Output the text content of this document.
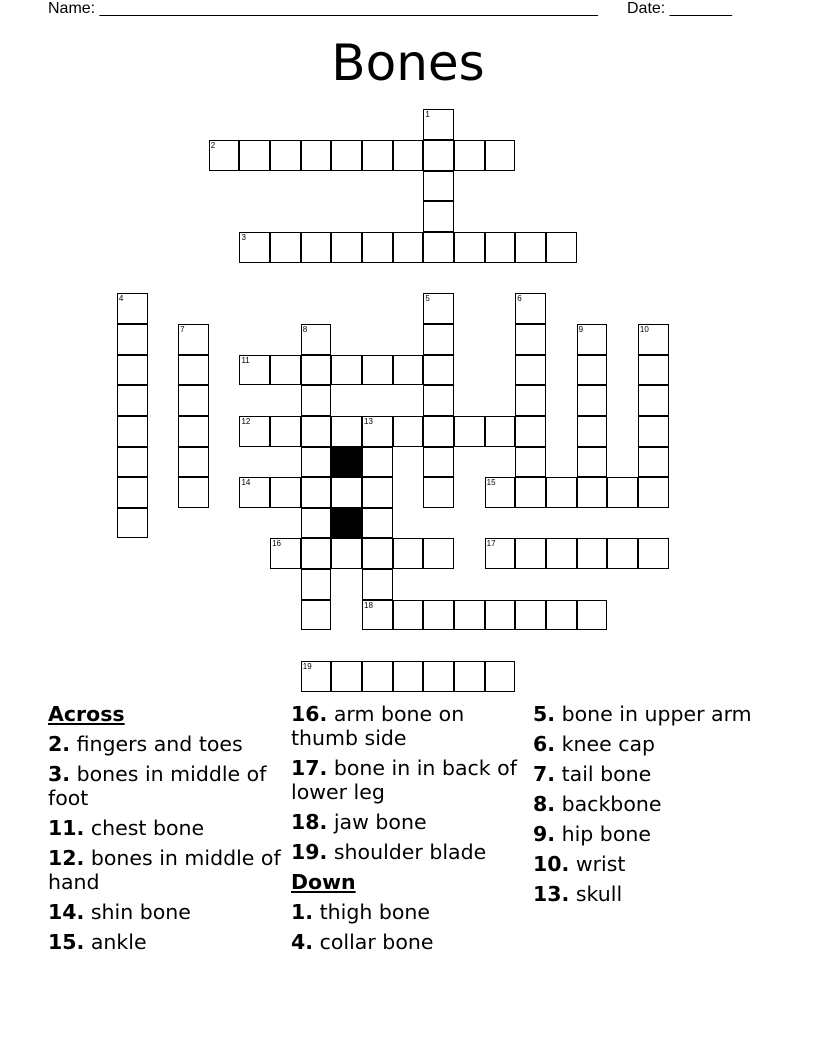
Name: ________________________________________________________ Date: _______
Bones
1
2
3
4	5	6
7	8	9	10
11
12	13
18
14	15
16	17
19
Across
2. fingers and toes
3. bones in middle of foot
11. chest bone
12. bones in middle of hand
14. shin bone
15. ankle
16. arm bone on thumb side
17. bone in in back of lower leg
18. jaw bone
19. shoulder blade
Down
1. thigh bone
4. collar bone
5. bone in upper arm
6. knee cap
7. tail bone
8. backbone
9. hip bone
10. wrist
13. skull
